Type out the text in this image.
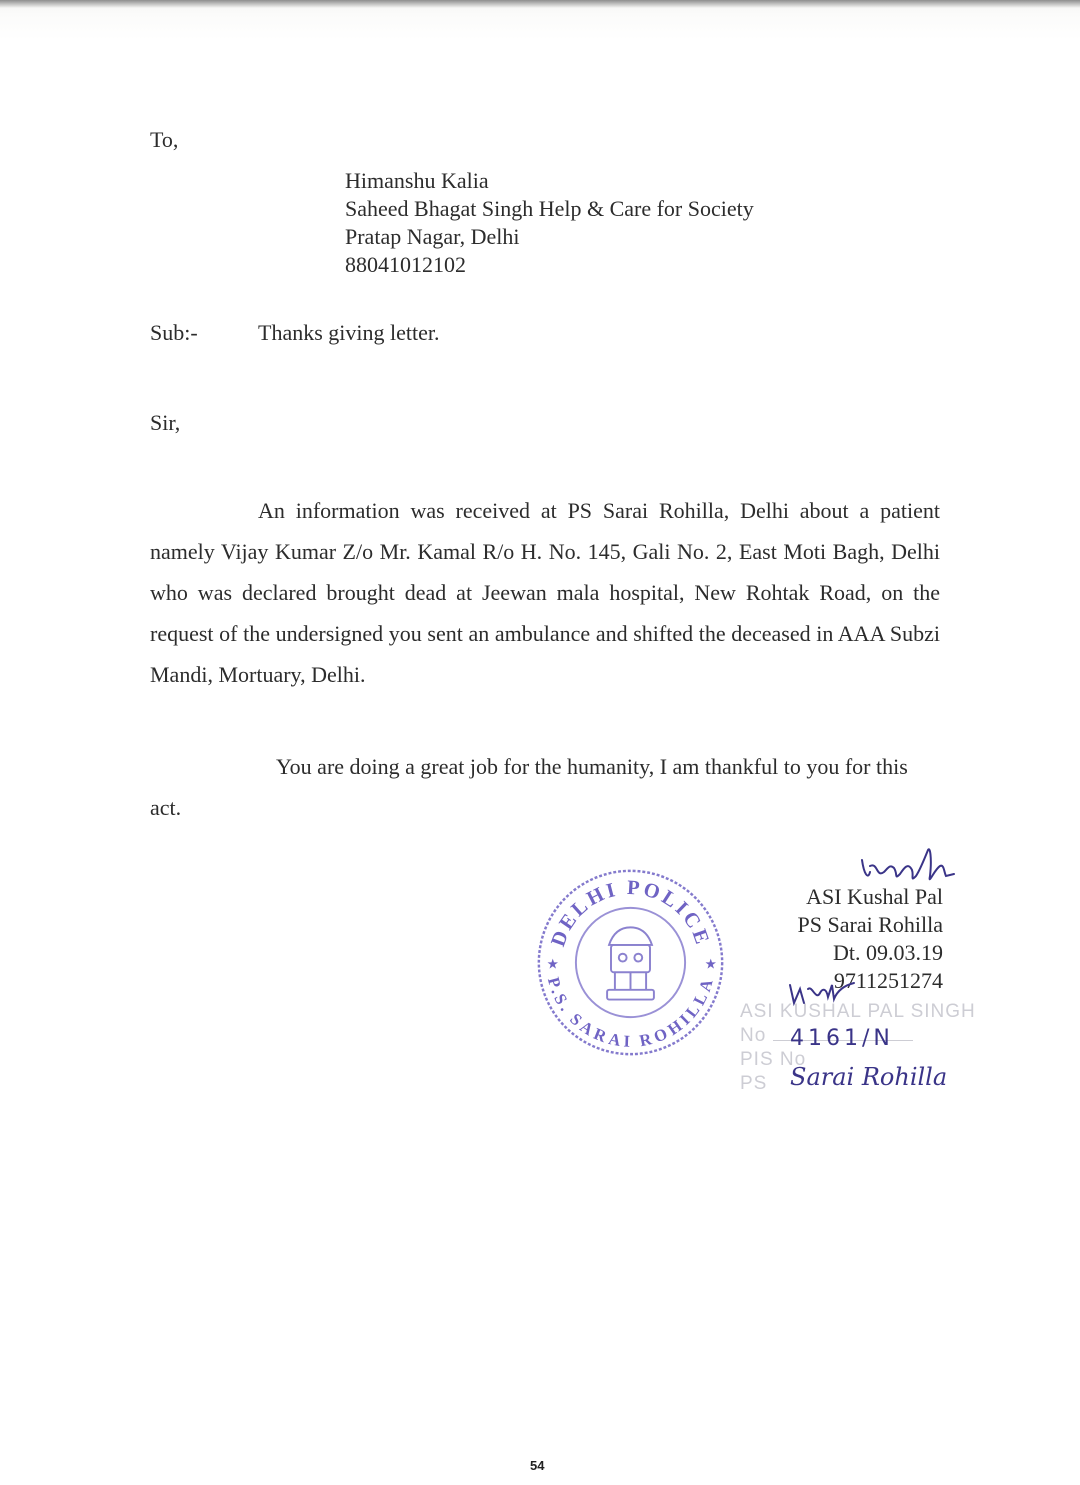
To,
Himanshu Kalia
Saheed Bhagat Singh Help & Care for Society
Pratap Nagar, Delhi
88041012102
Sub:-	Thanks giving letter.
Sir,

An information was received at PS Sarai Rohilla, Delhi about a patient namely Vijay Kumar Z/o Mr. Kamal R/o H. No. 145, Gali No. 2, East Moti Bagh, Delhi who was declared brought dead at Jeewan mala hospital, New Rohtak Road, on the request of the undersigned you sent an ambulance and shifted the deceased in AAA Subzi Mandi, Mortuary, Delhi.

You are doing a great job for the humanity, I am thankful to you for this act.

DELHI POLICE
P.S. SARAI ROHILLA
★	★
ASI Kushal Pal
PS Sarai Rohilla
Dt. 09.03.19
9711251274
ASI KUSHAL PAL SINGH
No
PIS No
PS
4161/N
Sarai Rohilla
54
